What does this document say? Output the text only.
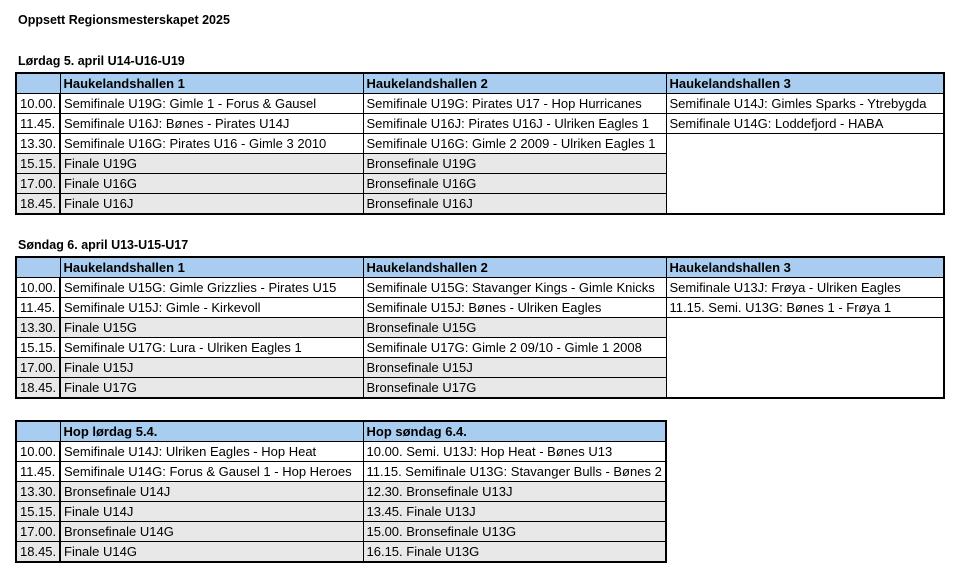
Oppsett Regionsmesterskapet 2025
Lørdag 5. april U14-U16-U19
	Haukelandshallen 1	Haukelandshallen 2	Haukelandshallen 3
10.00.	Semifinale U19G: Gimle 1 - Forus & Gausel	Semifinale U19G: Pirates U17 - Hop Hurricanes	Semifinale U14J: Gimles Sparks - Ytrebygda
11.45.	Semifinale U16J: Bønes - Pirates U14J	Semifinale U16J: Pirates U16J - Ulriken Eagles 1	Semifinale U14G: Loddefjord - HABA
13.30.	Semifinale U16G: Pirates U16 - Gimle 3 2010	Semifinale U16G: Gimle 2 2009 - Ulriken Eagles 1	
15.15.	Finale U19G	Bronsefinale U19G	
17.00.	Finale U16G	Bronsefinale U16G	
18.45.	Finale U16J	Bronsefinale U16J	
Søndag 6. april U13-U15-U17
	Haukelandshallen 1	Haukelandshallen 2	Haukelandshallen 3
10.00.	Semifinale U15G: Gimle Grizzlies - Pirates U15	Semifinale U15G: Stavanger Kings - Gimle Knicks	Semifinale U13J: Frøya - Ulriken Eagles
11.45.	Semifinale U15J: Gimle - Kirkevoll	Semifinale U15J: Bønes - Ulriken Eagles	11.15. Semi. U13G: Bønes 1 - Frøya 1
13.30.	Finale U15G	Bronsefinale U15G	
15.15.	Semifinale U17G: Lura - Ulriken Eagles 1	Semifinale U17G: Gimle 2 09/10 - Gimle 1 2008	
17.00.	Finale U15J	Bronsefinale U15J	
18.45.	Finale U17G	Bronsefinale U17G	
	Hop lørdag 5.4.	Hop søndag 6.4.
10.00.	Semifinale U14J: Ulriken Eagles - Hop Heat	10.00. Semi. U13J: Hop Heat - Bønes U13
11.45.	Semifinale U14G: Forus & Gausel 1 - Hop Heroes	11.15. Semifinale U13G: Stavanger Bulls - Bønes 2
13.30.	Bronsefinale U14J	12.30. Bronsefinale U13J
15.15.	Finale U14J	13.45. Finale U13J
17.00.	Bronsefinale U14G	15.00. Bronsefinale U13G
18.45.	Finale U14G	16.15. Finale U13G
